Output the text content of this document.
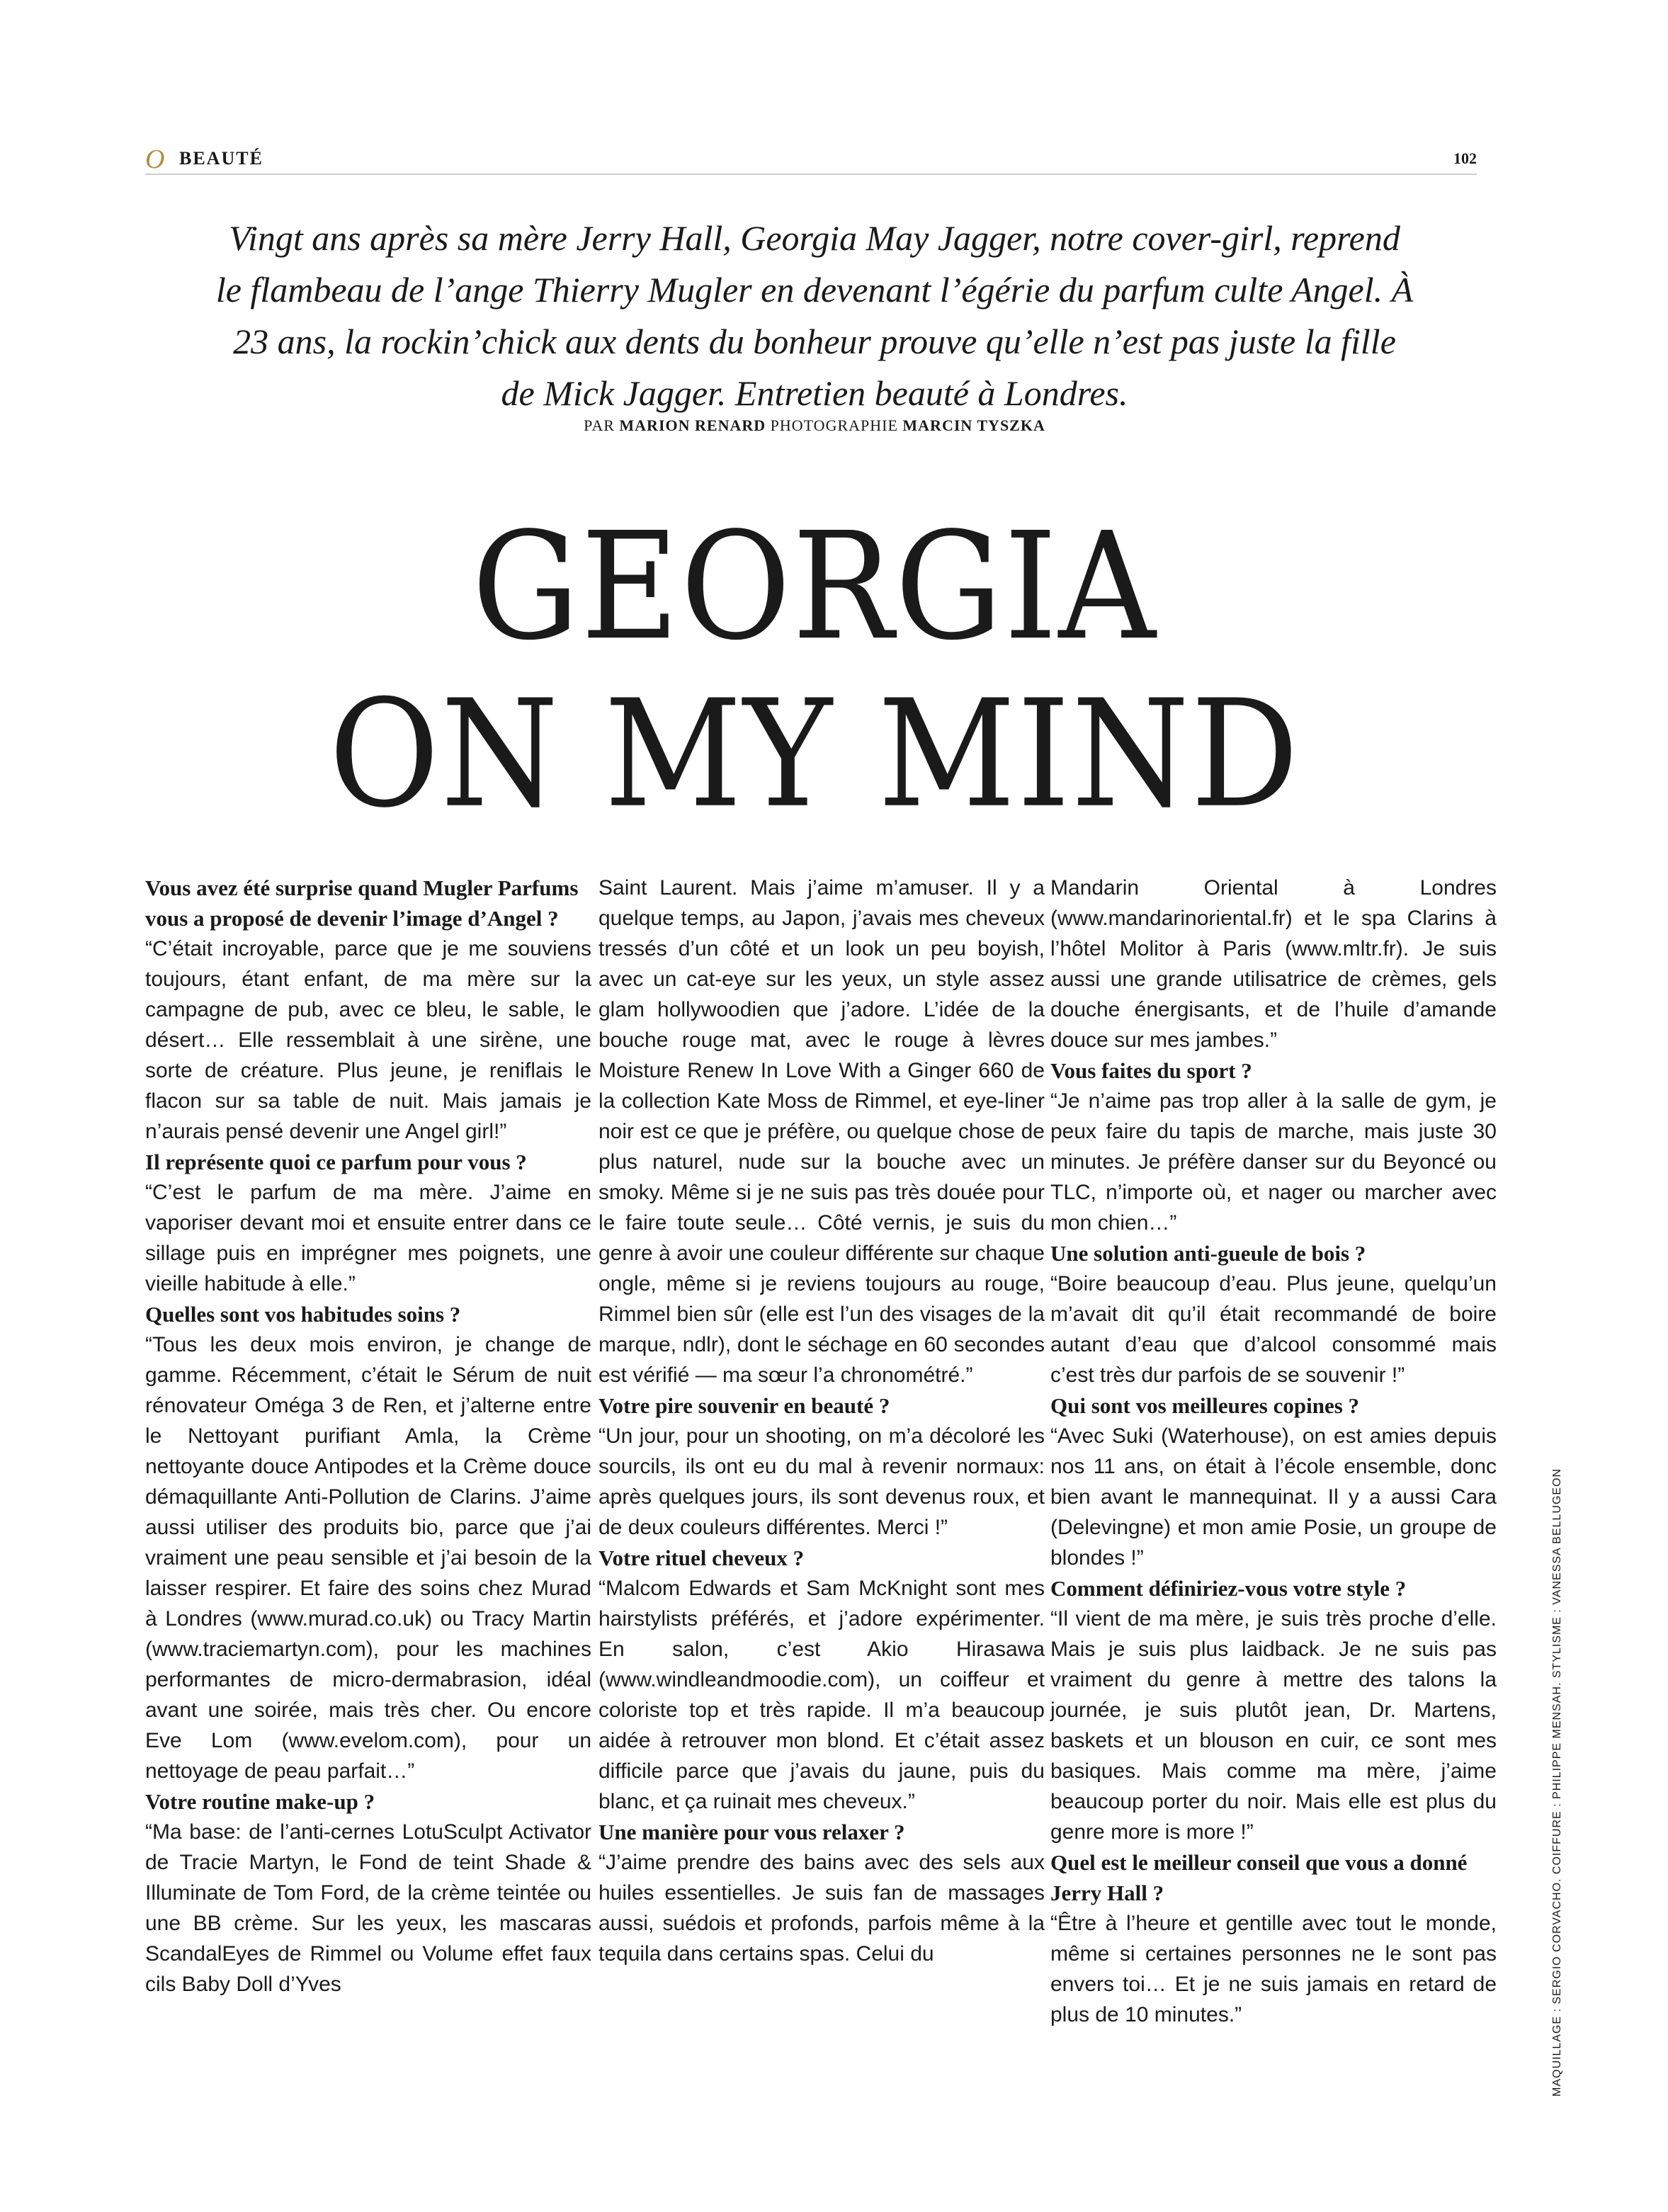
O BEAUTÉ	102
Vingt ans après sa mère Jerry Hall, Georgia May Jagger, notre cover-girl, reprend le flambeau de l’ange Thierry Mugler en devenant l’égérie du parfum culte Angel. À 23 ans, la rockin’chick aux dents du bonheur prouve qu’elle n’est pas juste la fille de Mick Jagger. Entretien beauté à Londres.
PAR MARION RENARD PHOTOGRAPHIE MARCIN TYSZKA
GEORGIA
ON MY MIND

Vous avez été surprise quand Mugler Parfums vous a proposé de devenir l’image d’Angel ?

“C’était incroyable, parce que je me souviens toujours, étant enfant, de ma mère sur la campagne de pub, avec ce bleu, le sable, le désert… Elle ressemblait à une sirène, une sorte de créature. Plus jeune, je reniflais le flacon sur sa table de nuit. Mais jamais je n’aurais pensé devenir une Angel girl!”

Il représente quoi ce parfum pour vous ?

“C’est le parfum de ma mère. J’aime en vaporiser devant moi et ensuite entrer dans ce sillage puis en imprégner mes poignets, une vieille habitude à elle.”

Quelles sont vos habitudes soins ?

“Tous les deux mois environ, je change de gamme. Récemment, c’était le Sérum de nuit rénovateur Oméga 3 de Ren, et j’alterne entre le Nettoyant purifiant Amla, la Crème nettoyante douce Antipodes et la Crème douce démaquillante Anti-Pollution de Clarins. J’aime aussi utiliser des produits bio, parce que j’ai vraiment une peau sensible et j’ai besoin de la laisser respirer. Et faire des soins chez Murad à Londres (www.murad.co.uk) ou Tracy Martin (www.traciemartyn.com), pour les machines performantes de micro-dermabrasion, idéal avant une soirée, mais très cher. Ou encore Eve Lom (www.evelom.com), pour un nettoyage de peau parfait…”

Votre routine make-up ?

“Ma base: de l’anti-cernes LotuSculpt Activator de Tracie Martyn, le Fond de teint Shade & Illuminate de Tom Ford, de la crème teintée ou une BB crème. Sur les yeux, les mascaras ScandalEyes de Rimmel ou Volume effet faux cils Baby Doll d’Yves

Saint Laurent. Mais j’aime m’amuser. Il y a quelque temps, au Japon, j’avais mes cheveux tressés d’un côté et un look un peu boyish, avec un cat-eye sur les yeux, un style assez glam hollywoodien que j’adore. L’idée de la bouche rouge mat, avec le rouge à lèvres Moisture Renew In Love With a Ginger 660 de la collection Kate Moss de Rimmel, et eye-liner noir est ce que je préfère, ou quelque chose de plus naturel, nude sur la bouche avec un smoky. Même si je ne suis pas très douée pour le faire toute seule… Côté vernis, je suis du genre à avoir une couleur différente sur chaque ongle, même si je reviens toujours au rouge, Rimmel bien sûr (elle est l’un des visages de la marque, ndlr), dont le séchage en 60 secondes est vérifié — ma sœur l’a chronométré.”

Votre pire souvenir en beauté ?

“Un jour, pour un shooting, on m’a décoloré les sourcils, ils ont eu du mal à revenir normaux: après quelques jours, ils sont devenus roux, et de deux couleurs différentes. Merci !”

Votre rituel cheveux ?

“Malcom Edwards et Sam McKnight sont mes hairstylists préférés, et j’adore expérimenter. En salon, c’est Akio Hirasawa (www.windleandmoodie.com), un coiffeur et coloriste top et très rapide. Il m’a beaucoup aidée à retrouver mon blond. Et c’était assez difficile parce que j’avais du jaune, puis du blanc, et ça ruinait mes cheveux.”

Une manière pour vous relaxer ?

“J’aime prendre des bains avec des sels aux huiles essentielles. Je suis fan de massages aussi, suédois et profonds, parfois même à la tequila dans certains spas. Celui du

Mandarin Oriental à Londres (www.mandarinoriental.fr) et le spa Clarins à l’hôtel Molitor à Paris (www.mltr.fr). Je suis aussi une grande utilisatrice de crèmes, gels douche énergisants, et de l’huile d’amande douce sur mes jambes.”

Vous faites du sport ?

“Je n’aime pas trop aller à la salle de gym, je peux faire du tapis de marche, mais juste 30 minutes. Je préfère danser sur du Beyoncé ou TLC, n’importe où, et nager ou marcher avec mon chien…”

Une solution anti-gueule de bois ?

“Boire beaucoup d’eau. Plus jeune, quelqu’un m’avait dit qu’il était recommandé de boire autant d’eau que d’alcool consommé mais c’est très dur parfois de se souvenir !”

Qui sont vos meilleures copines ?

“Avec Suki (Waterhouse), on est amies depuis nos 11 ans, on était à l’école ensemble, donc bien avant le mannequinat. Il y a aussi Cara (Delevingne) et mon amie Posie, un groupe de blondes !”

Comment définiriez-vous votre style ?

“Il vient de ma mère, je suis très proche d’elle. Mais je suis plus laidback. Je ne suis pas vraiment du genre à mettre des talons la journée, je suis plutôt jean, Dr. Martens, baskets et un blouson en cuir, ce sont mes basiques. Mais comme ma mère, j’aime beaucoup porter du noir. Mais elle est plus du genre more is more !”

Quel est le meilleur conseil que vous a donné Jerry Hall ?

“Être à l’heure et gentille avec tout le monde, même si certaines personnes ne le sont pas envers toi… Et je ne suis jamais en retard de plus de 10 minutes.”	MAQUILLAGE : SERGIO CORVACHO. COIFFURE : PHILIPPE MENSAH. STYLISME : VANESSA BELLUGEON
